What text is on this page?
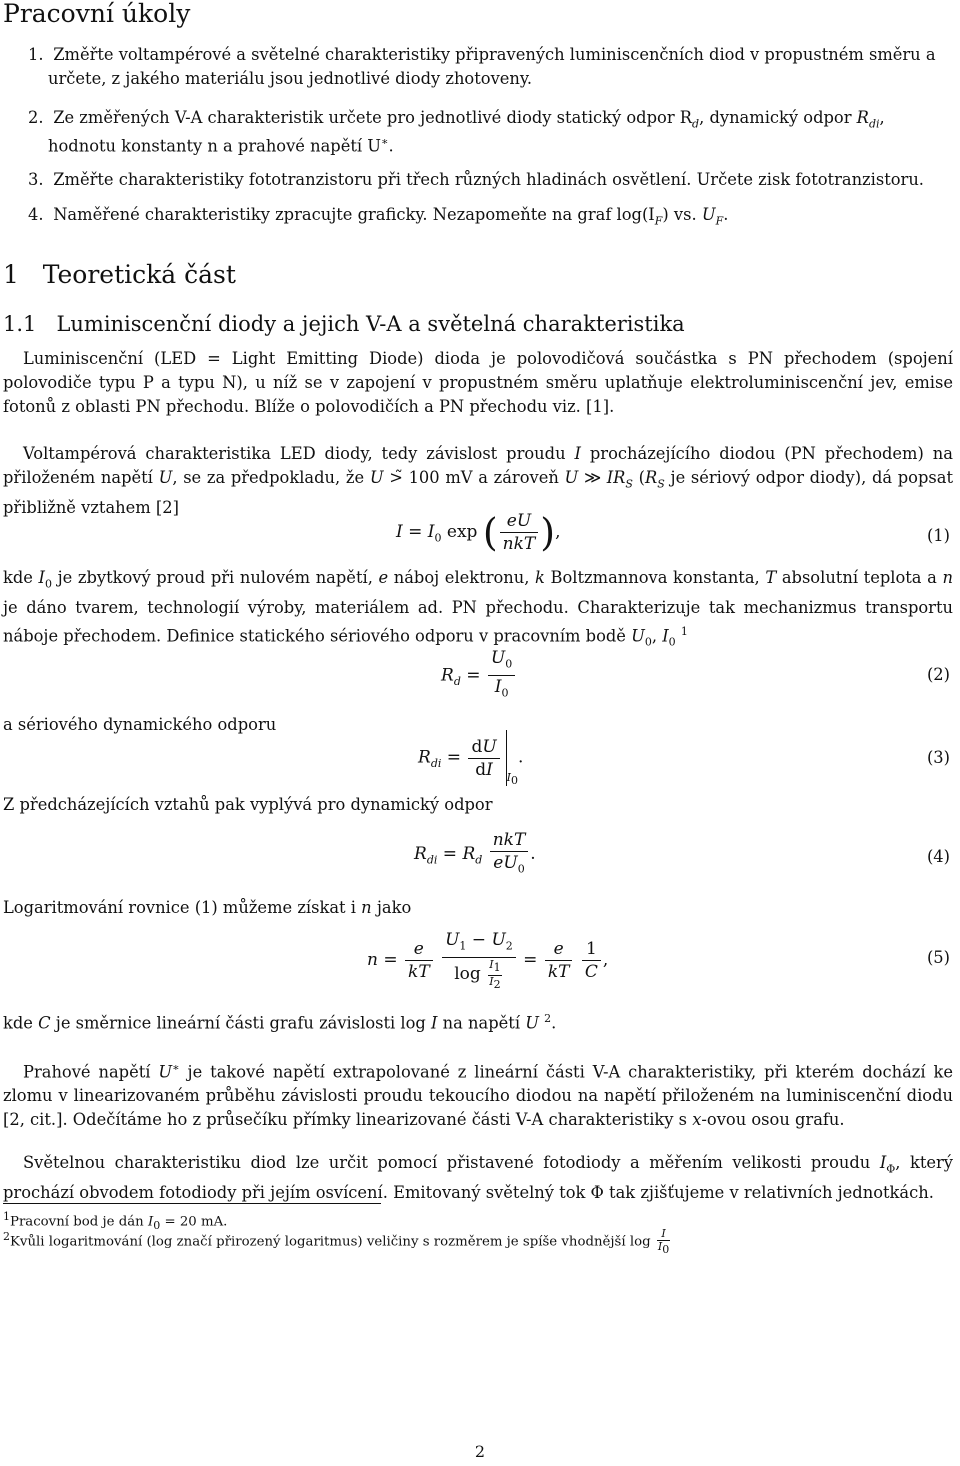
Pracovní úkoly
1. Změřte voltampérové a světelné charakteristiky připravených luminiscenčních diod v propustném směru a
určete, z jakého materiálu jsou jednotlivé diody zhotoveny.
2. Ze změřených V-A charakteristik určete pro jednotlivé diody statický odpor $R_d$, dynamický odpor $R_{di}$,
hodnotu konstanty n a prahové napětí U∗.
3. Změřte charakteristiky fototranzistoru při třech různých hladinách osvětlení. Určete zisk fototranzistoru.
4. Naměřené charakteristiky zpracujte graficky. Nezapomeňte na graf $\log(I_F)$ vs. $U_F$.
1 Teoretická část
1.1 Luminiscenční diody a jejich V-A a světelná charakteristika
Luminiscenční (LED = Light Emitting Diode) dioda je polovodičová součástka s PN přechodem (spojení polovodiče typu P a typu N), u níž se v zapojení v propustném směru uplatňuje elektroluminiscenční jev, emise fotonů z oblasti PN přechodu. Blíže o polovodičích a PN přechodu viz. [1].
Voltampérová charakteristika LED diody, tedy závislost proudu I procházejícího diodou (PN přechodem) na přiloženém napětí U, se za předpokladu, že U >̃ 100 mV a zároveň U ≫ $IR_S$ ($R_S$ je sériový odpor diody), dá popsat přibližně vztahem [2]
$I = I_0$ exp ( $\frac{eU}{\text{nkT}}$ ),	(1)
kde $I_0$ je zbytkový proud při nulovém napětí, e náboj elektronu, k Boltzmannova konstanta, T absolutní teplota a n je dáno tvarem, technologií výroby, materiálem ad. PN přechodu. Charakterizuje tak mechanizmus transportu náboje přechodem. Definice statického sériového odporu v pracovním bodě $U_0$, $I_0$ $^1$
$R_d = \frac{U_0}{I_0}$	(2)
a sériového dynamického odporu
$R_{di} = \frac{dU}{dI} _{I_0}$.	(3)
Z předcházejících vztahů pak vyplývá pro dynamický odpor
$R_{di} = R_d \frac{\text{nkT}}{eU_0}$ .	(4)
Logaritmování rovnice (1) můžeme získat i n jako
$n = \frac{e}{kT}$
$\frac{U_1 - U_2}{\log \frac{I_1}{I_2}} = \frac{e}{kT}$
$\frac{1}{C}$ ,	(5)
kde C je směrnice lineární části grafu závislosti log I na napětí U $^2$.
Prahové napětí U∗ je takové napětí extrapolované z lineární části V-A charakteristiky, při kterém dochází ke zlomu v linearizovaném průběhu závislosti proudu tekoucího diodou na napětí přiloženém na luminiscenční diodu [2, cit.]. Odečítáme ho z průsečíku přímky linearizované části V-A charakteristiky s x-ovou osou grafu.
Světelnou charakteristiku diod lze určit pomocí přistavené fotodiody a měřením velikosti proudu $I_\Phi$, který prochází obvodem fotodiody při jejím osvícení. Emitovaný světelný tok Φ tak zjišťujeme v relativních jednotkách.
$^1$Pracovní bod je dán $I_0 = 20$ mA.
$^2$Kvůli logaritmování (log značí přirozený logaritmus) veličiny s rozměrem je spíše vhodnější $\log \frac{I}{I_0}$
2
